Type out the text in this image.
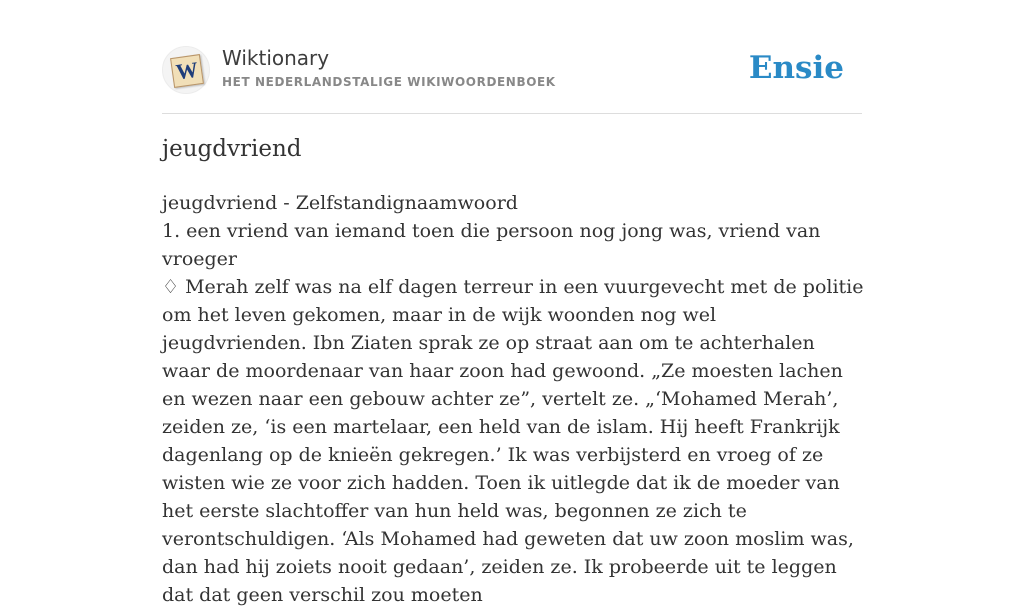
W Wiktionary
HET NEDERLANDSTALIGE WIKIWOORDENBOEK	Ensie
jeugdvriend

jeugdvriend - Zelfstandignaamwoord

1. een vriend van iemand toen die persoon nog jong was, vriend van vroeger

♢ Merah zelf was na elf dagen terreur in een vuurgevecht met de politie om het leven gekomen, maar in de wijk woonden nog wel jeugdvrienden. Ibn Ziaten sprak ze op straat aan om te achterhalen waar de moordenaar van haar zoon had gewoond. „Ze moesten lachen en wezen naar een gebouw achter ze”, vertelt ze. „‘Mohamed Merah’, zeiden ze, ‘is een martelaar, een held van de islam. Hij heeft Frankrijk dagenlang op de knieën gekregen.’ Ik was verbijsterd en vroeg of ze wisten wie ze voor zich hadden. Toen ik uitlegde dat ik de moeder van het eerste slachtoffer van hun held was, begonnen ze zich te verontschuldigen. ‘Als Mohamed had geweten dat uw zoon moslim was, dan had hij zoiets nooit gedaan’, zeiden ze. Ik probeerde uit te leggen dat dat geen verschil zou moeten
